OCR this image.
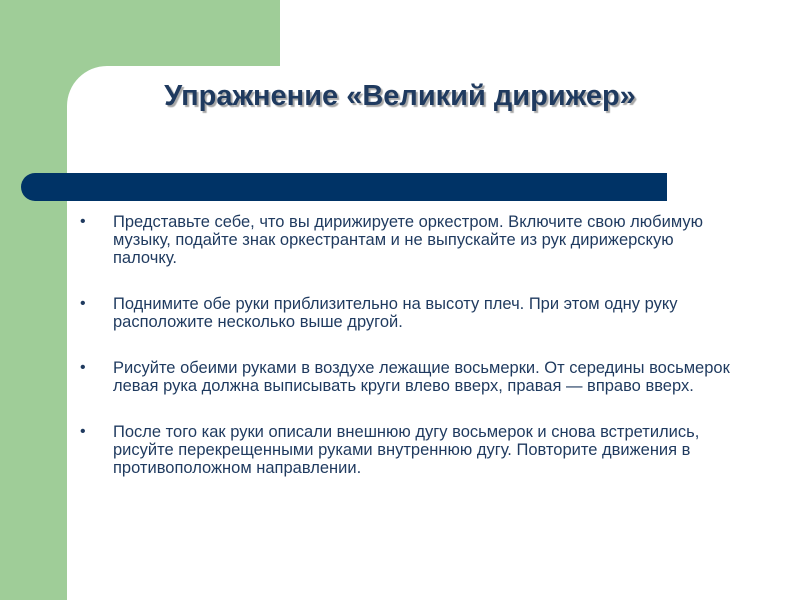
Упражнение «Великий дирижер»
• Представьте себе, что вы дирижируете оркестром. Включите свою любимую музыку, подайте знак оркестрантам и не выпускайте из рук дирижерскую палочку.
• Поднимите обе руки приблизительно на высоту плеч. При этом одну руку расположите несколько выше другой.
• Рисуйте обеими руками в воздухе лежащие восьмерки. От середины восьмерок левая рука должна выписывать круги влево вверх, правая — вправо вверх.
• После того как руки описали внешнюю дугу восьмерок и снова встретились, рисуйте перекрещенными руками внутреннюю дугу. Повторите движения в противоположном направлении.
